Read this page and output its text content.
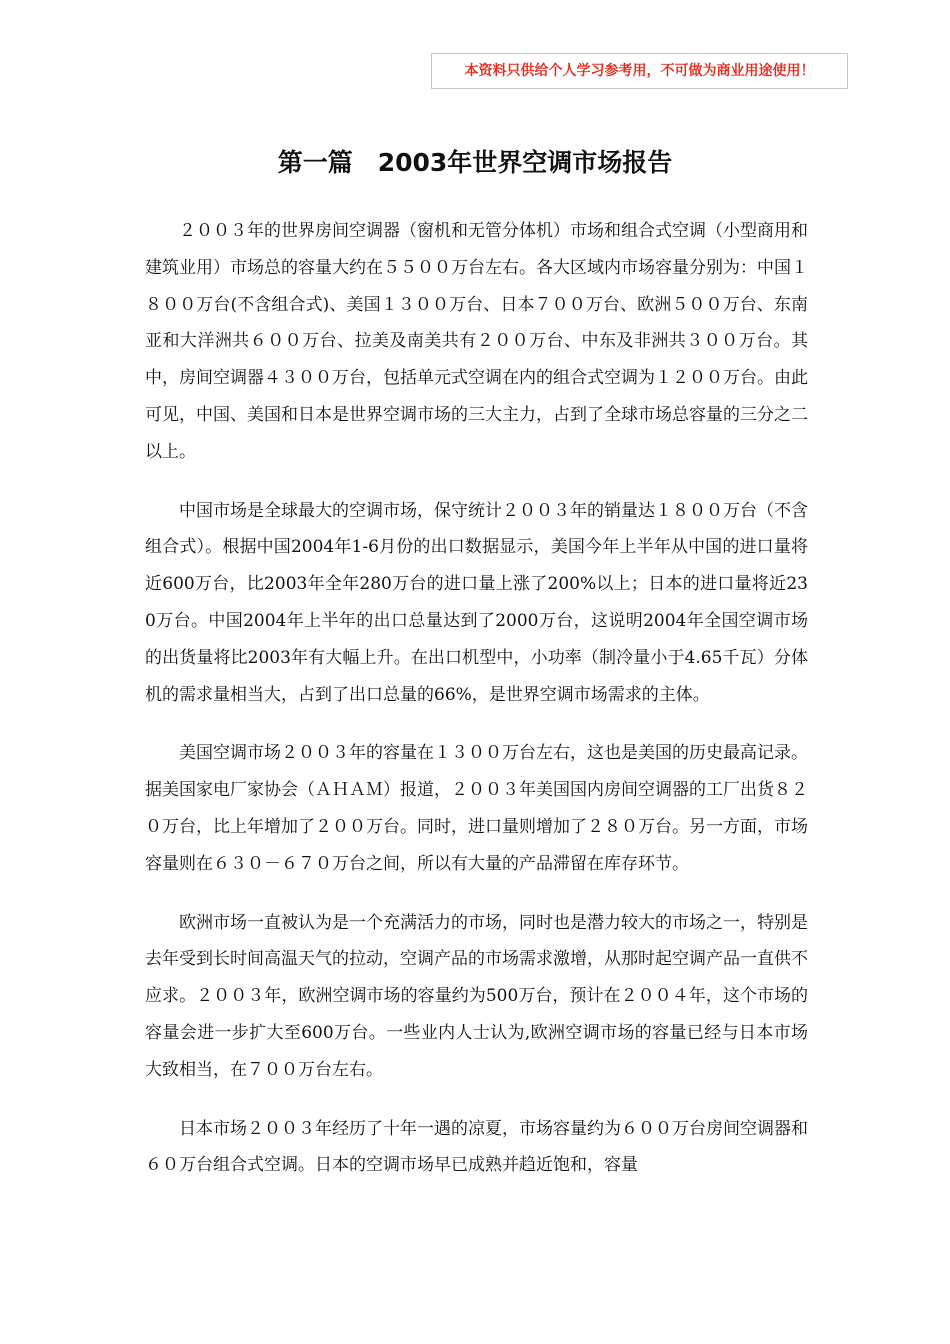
本资料只供给个人学习参考用，不可做为商业用途使用！
第一篇　2003年世界空调市场报告

２００３年的世界房间空调器（窗机和无管分体机）市场和组合式空调（小型商用和建筑业用）市场总的容量大约在５５００万台左右。各大区域内市场容量分别为：中国１８００万台(不含组合式)、美国１３００万台、日本７００万台、欧洲５００万台、东南亚和大洋洲共６００万台、拉美及南美共有２００万台、中东及非洲共３００万台。其中，房间空调器４３００万台，包括单元式空调在内的组合式空调为１２００万台。由此可见，中国、美国和日本是世界空调市场的三大主力，占到了全球市场总容量的三分之二以上。

中国市场是全球最大的空调市场，保守统计２００３年的销量达１８００万台（不含组合式）。根据中国2004年1-6月份的出口数据显示，美国今年上半年从中国的进口量将近600万台，比2003年全年280万台的进口量上涨了200%以上；日本的进口量将近230万台。中国2004年上半年的出口总量达到了2000万台，这说明2004年全国空调市场的出货量将比2003年有大幅上升。在出口机型中，小功率（制冷量小于4.65千瓦）分体机的需求量相当大，占到了出口总量的66%，是世界空调市场需求的主体。

美国空调市场２００３年的容量在１３００万台左右，这也是美国的历史最高记录。据美国家电厂家协会（ＡＨＡＭ）报道，２００３年美国国内房间空调器的工厂出货８２０万台，比上年增加了２００万台。同时，进口量则增加了２８０万台。另一方面，市场容量则在６３０－６７０万台之间，所以有大量的产品滞留在库存环节。

欧洲市场一直被认为是一个充满活力的市场，同时也是潜力较大的市场之一，特别是去年受到长时间高温天气的拉动，空调产品的市场需求激增，从那时起空调产品一直供不应求。２００３年，欧洲空调市场的容量约为500万台，预计在２００４年，这个市场的容量会进一步扩大至600万台。一些业内人士认为,欧洲空调市场的容量已经与日本市场大致相当，在７００万台左右。

日本市场２００３年经历了十年一遇的凉夏，市场容量约为６００万台房间空调器和６０万台组合式空调。日本的空调市场早已成熟并趋近饱和，容量
